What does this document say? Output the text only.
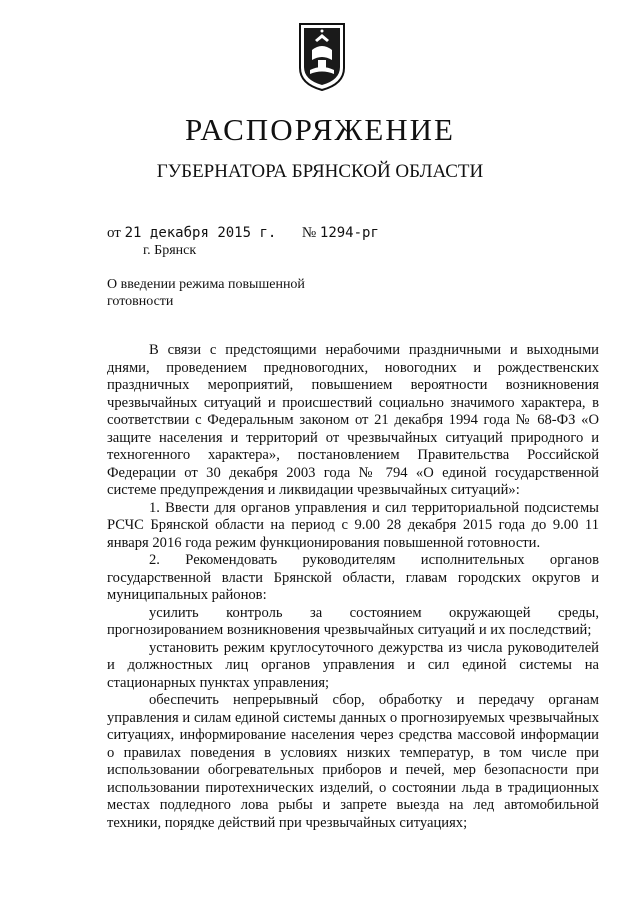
РАСПОРЯЖЕНИЕ
ГУБЕРНАТОРА БРЯНСКОЙ ОБЛАСТИ
от 21 декабря 2015 г. № 1294-рг
г. Брянск
О введении режима повышенной
готовности

В связи с предстоящими нерабочими праздничными и выходными днями, проведением предновогодних, новогодних и рождественских праздничных мероприятий, повышением вероятности возникновения чрезвычайных ситуаций и происшествий социально значимого характера, в соответствии с Федеральным законом от 21 декабря 1994 года № 68-ФЗ «О защите населения и территорий от чрезвычайных ситуаций природного и техногенного характера», постановлением Правительства Российской Федерации от 30 декабря 2003 года № 794 «О единой государственной системе предупреждения и ликвидации чрезвычайных ситуаций»:

1. Ввести для органов управления и сил территориальной подсистемы РСЧС Брянской области на период с 9.00 28 декабря 2015 года до 9.00 11 января 2016 года режим функционирования повышенной готовности.

2. Рекомендовать руководителям исполнительных органов государственной власти Брянской области, главам городских округов и муниципальных районов:

усилить контроль за состоянием окружающей среды, прогнозированием возникновения чрезвычайных ситуаций и их последствий;

установить режим круглосуточного дежурства из числа руководителей и должностных лиц органов управления и сил единой системы на стационарных пунктах управления;

обеспечить непрерывный сбор, обработку и передачу органам управления и силам единой системы данных о прогнозируемых чрезвычайных ситуациях, информирование населения через средства массовой информации о правилах поведения в условиях низких температур, в том числе при использовании обогревательных приборов и печей, мер безопасности при использовании пиротехнических изделий, о состоянии льда в традиционных местах подледного лова рыбы и запрете выезда на лед автомобильной техники, порядке действий при чрезвычайных ситуациях;
